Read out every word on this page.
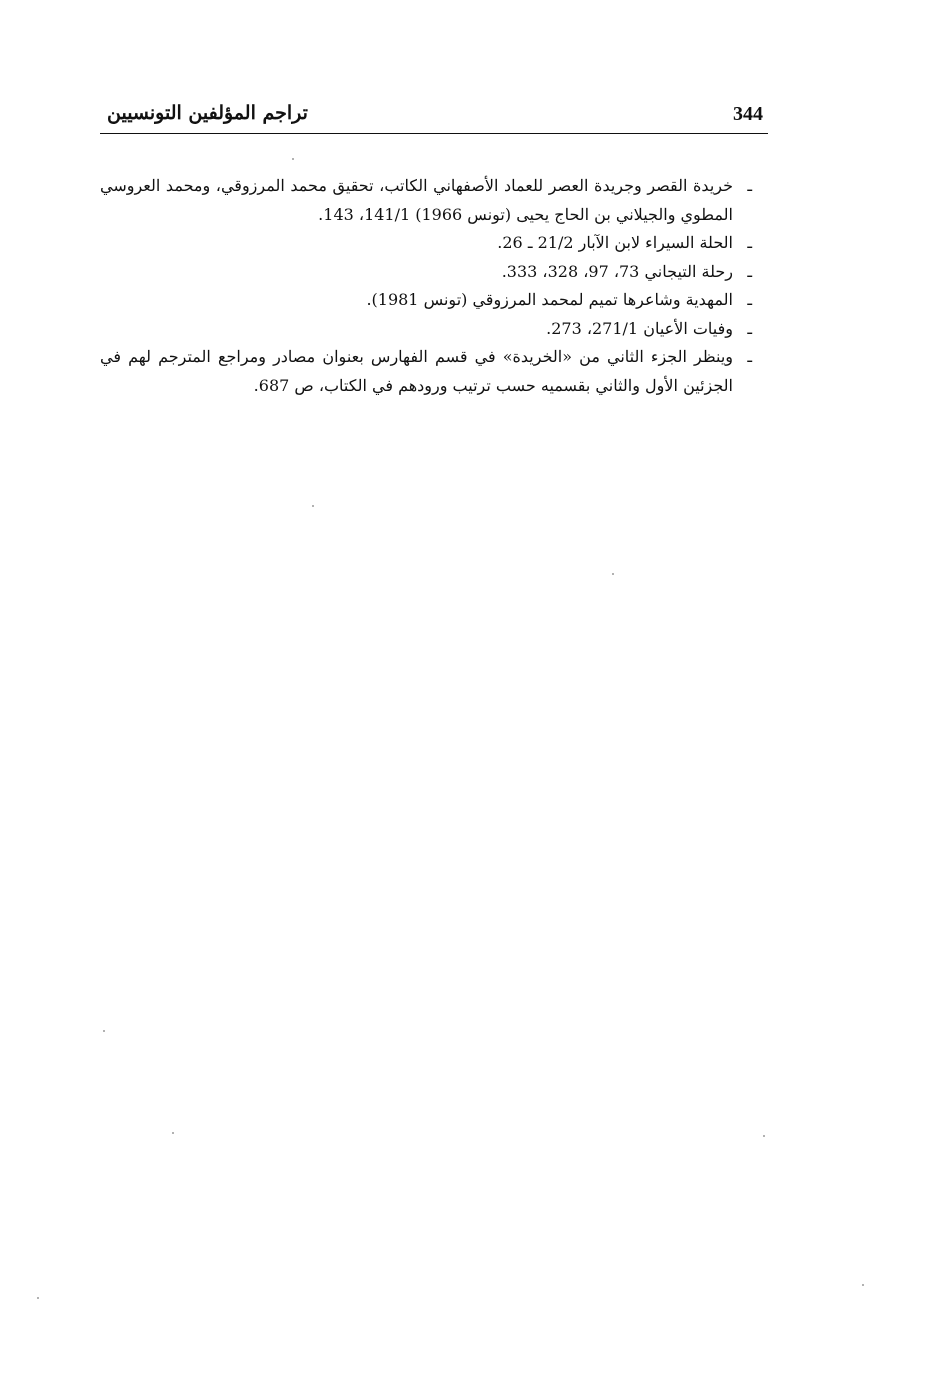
344
تراجم المؤلفين التونسيين

ـ
خريدة القصر وجريدة العصر للعماد الأصفهاني الكاتب، تحقيق محمد المرزوقي، ومحمد العروسي المطوي والجيلاني بن الحاج يحيى (تونس 1966) 141/1، 143.

ـ
الحلة السيراء لابن الآبار 21/2 ـ 26.

ـ
رحلة التيجاني 73، 97، 328، 333.

ـ
المهدية وشاعرها تميم لمحمد المرزوقي (تونس 1981).

ـ
وفيات الأعيان 271/1، 273.

ـ
وينظر الجزء الثاني من «الخريدة» في قسم الفهارس بعنوان مصادر ومراجع المترجم لهم في الجزئين الأول والثاني بقسميه حسب ترتيب ورودهم في الكتاب، ص 687.
